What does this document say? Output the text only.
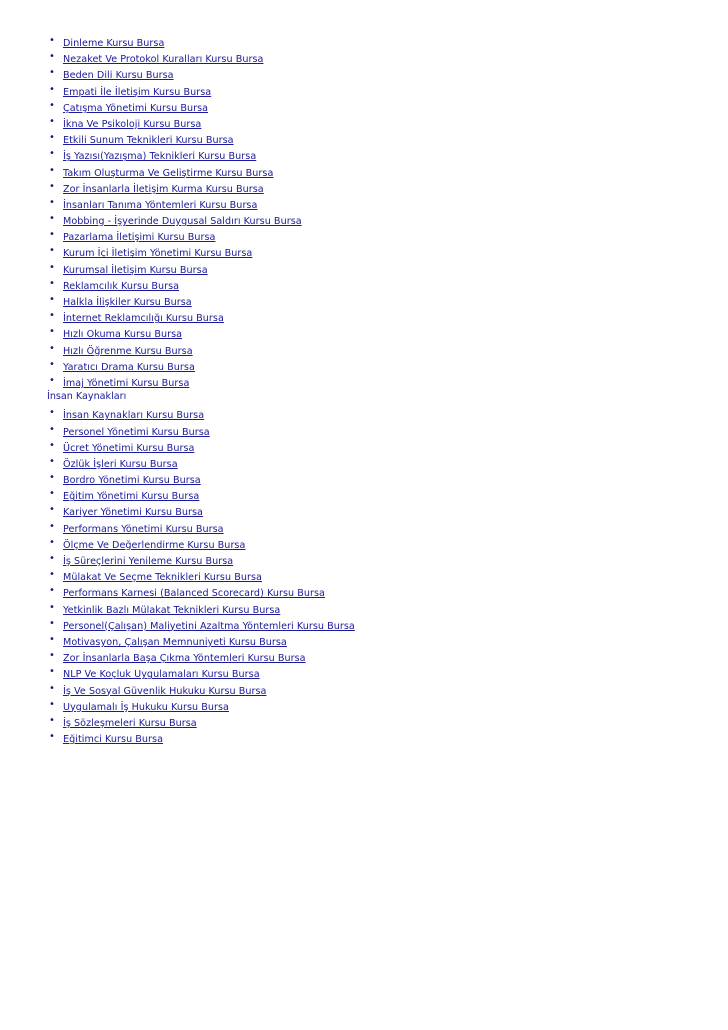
• Dinleme Kursu Bursa
• Nezaket Ve Protokol Kuralları Kursu Bursa
• Beden Dili Kursu Bursa
• Empati İle İletişim Kursu Bursa
• Çatışma Yönetimi Kursu Bursa
• İkna Ve Psikoloji Kursu Bursa
• Etkili Sunum Teknikleri Kursu Bursa
• İş Yazısı(Yazışma) Teknikleri Kursu Bursa
• Takım Oluşturma Ve Geliştirme Kursu Bursa
• Zor İnsanlarla İletişim Kurma Kursu Bursa
• İnsanları Tanıma Yöntemleri Kursu Bursa
• Mobbing - İşyerinde Duygusal Saldırı Kursu Bursa
• Pazarlama İletişimi Kursu Bursa
• Kurum İçi İletişim Yönetimi Kursu Bursa
• Kurumsal İletişim Kursu Bursa
• Reklamcılık Kursu Bursa
• Halkla İlişkiler Kursu Bursa
• İnternet Reklamcılığı Kursu Bursa
• Hızlı Okuma Kursu Bursa
• Hızlı Öğrenme Kursu Bursa
• Yaratıcı Drama Kursu Bursa
• İmaj Yönetimi Kursu Bursa
İnsan Kaynakları
• İnsan Kaynakları Kursu Bursa
• Personel Yönetimi Kursu Bursa
• Ücret Yönetimi Kursu Bursa
• Özlük İşleri Kursu Bursa
• Bordro Yönetimi Kursu Bursa
• Eğitim Yönetimi Kursu Bursa
• Kariyer Yönetimi Kursu Bursa
• Performans Yönetimi Kursu Bursa
• Ölçme Ve Değerlendirme Kursu Bursa
• İş Süreçlerini Yenileme Kursu Bursa
• Mülakat Ve Seçme Teknikleri Kursu Bursa
• Performans Karnesi (Balanced Scorecard) Kursu Bursa
• Yetkinlik Bazlı Mülakat Teknikleri Kursu Bursa
• Personel(Çalışan) Maliyetini Azaltma Yöntemleri Kursu Bursa
• Motivasyon, Çalışan Memnuniyeti Kursu Bursa
• Zor İnsanlarla Başa Çıkma Yöntemleri Kursu Bursa
• NLP Ve Koçluk Uygulamaları Kursu Bursa
• İş Ve Sosyal Güvenlik Hukuku Kursu Bursa
• Uygulamalı İş Hukuku Kursu Bursa
• İş Sözleşmeleri Kursu Bursa
• Eğitimci Kursu Bursa
